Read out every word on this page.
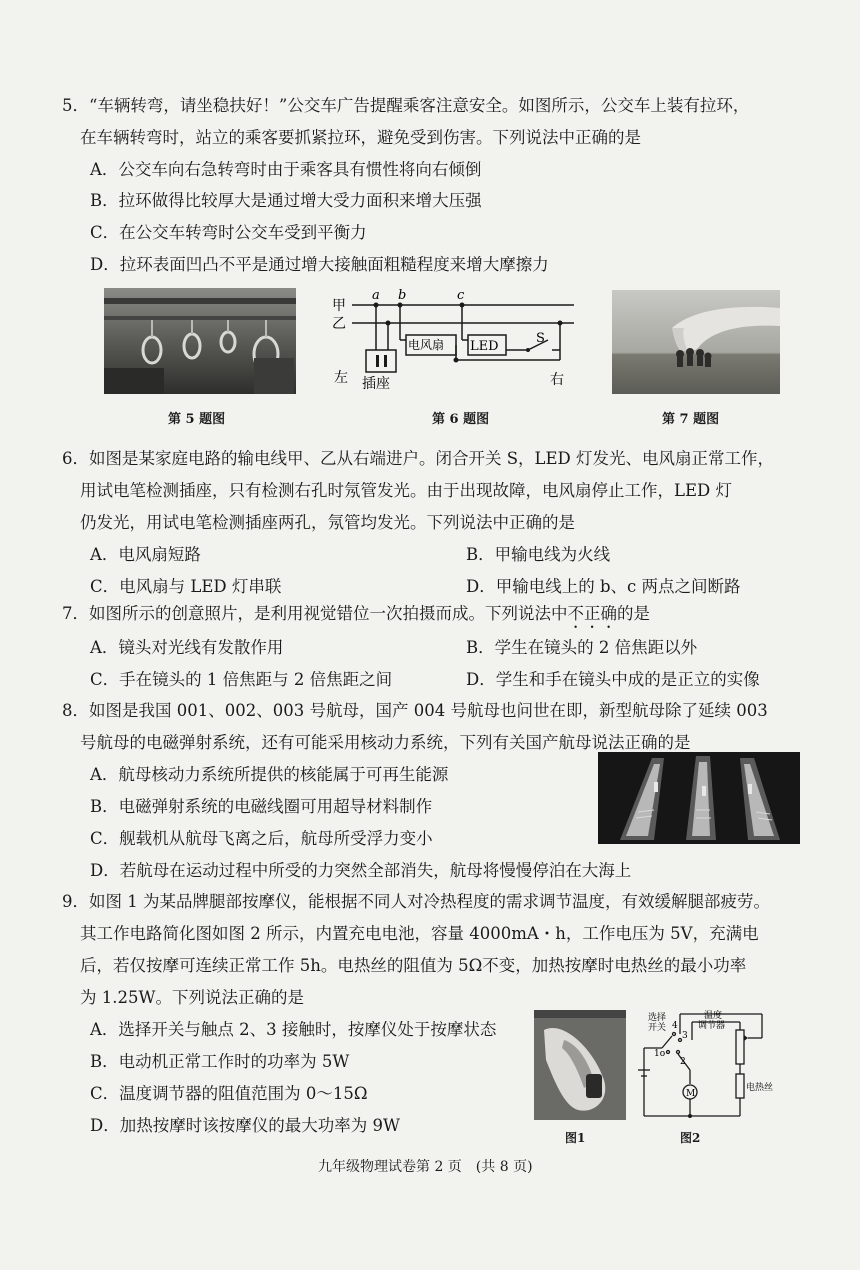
5．“车辆转弯，请坐稳扶好！”公交车广告提醒乘客注意安全。如图所示，公交车上装有拉环，
在车辆转弯时，站立的乘客要抓紧拉环，避免受到伤害。下列说法中正确的是
A．公交车向右急转弯时由于乘客具有惯性将向右倾倒
B．拉环做得比较厚大是通过增大受力面积来增大压强
C．在公交车转弯时公交车受到平衡力
D．拉环表面凹凸不平是通过增大接触面粗糙程度来增大摩擦力
第 5 题图
甲
乙
a b	c
电风扇 LED
S
左 插座	右
第 6 题图	第 7 题图
6．如图是某家庭电路的输电线甲、乙从右端进户。闭合开关 S，LED 灯发光、电风扇正常工作，
用试电笔检测插座，只有检测右孔时氖管发光。由于出现故障，电风扇停止工作，LED 灯
仍发光，用试电笔检测插座两孔，氖管均发光。下列说法中正确的是
A．电风扇短路	B．甲输电线为火线
C．电风扇与 LED 灯串联	D．甲输电线上的 b、c 两点之间断路
7．如图所示的创意照片，是利用视觉错位一次拍摄而成。下列说法中不正确的是
A．镜头对光线有发散作用	B．学生在镜头的 2 倍焦距以外
C．手在镜头的 1 倍焦距与 2 倍焦距之间	D．学生和手在镜头中成的是正立的实像
8．如图是我国 001、002、003 号航母，国产 004 号航母也问世在即，新型航母除了延续 003
号航母的电磁弹射系统，还有可能采用核动力系统，下列有关国产航母说法正确的是
A．航母核动力系统所提供的核能属于可再生能源
B．电磁弹射系统的电磁线圈可用超导材料制作
C．舰载机从航母飞离之后，航母所受浮力变小
D．若航母在运动过程中所受的力突然全部消失，航母将慢慢停泊在大海上
9．如图 1 为某品牌腿部按摩仪，能根据不同人对冷热程度的需求调节温度，有效缓解腿部疲劳。
其工作电路简化图如图 2 所示，内置充电电池，容量 4000mA・h，工作电压为 5V，充满电
后，若仅按摩可连续正常工作 5h。电热丝的阻值为 5Ω不变，加热按摩时电热丝的最小功率
为 1.25W。下列说法正确的是
A．选择开关与触点 2、3 接触时，按摩仪处于按摩状态
B．电动机正常工作时的功率为 5W
C．温度调节器的阻值范围为 0～15Ω
D．加热按摩时该按摩仪的最大功率为 9W
图1
选择
开关
温度
调节器
4
3
1o
2
M
电热丝
图2
九年级物理试卷第 2 页　(共 8 页)
